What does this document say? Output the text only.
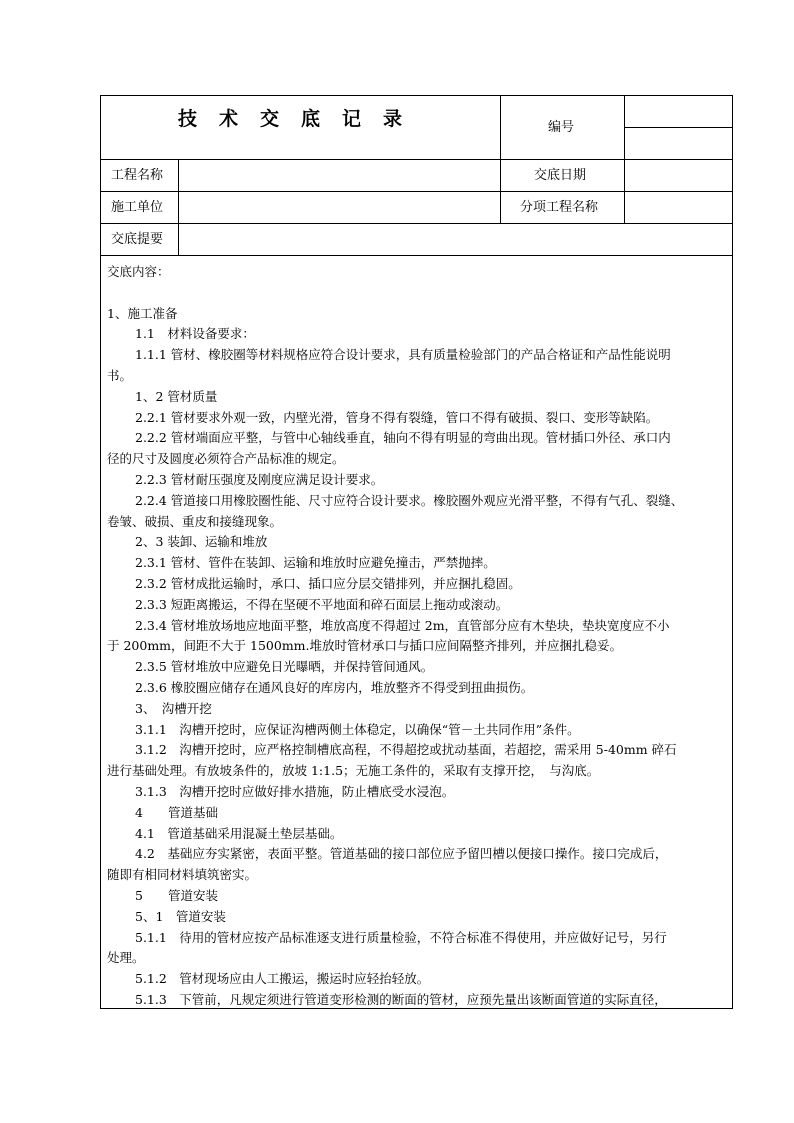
技术交底记录	编号
工程名称	交底日期
施工单位	分项工程名称
交底提要

交底内容：

1、施工准备

1.1　材料设备要求：

1.1.1 管材、橡胶圈等材料规格应符合设计要求，具有质量检验部门的产品合格证和产品性能说明

书。

1、2 管材质量

2.2.1 管材要求外观一致，内壁光滑，管身不得有裂缝，管口不得有破损、裂口、变形等缺陷。

2.2.2 管材端面应平整，与管中心轴线垂直，轴向不得有明显的弯曲出现。管材插口外径、承口内

径的尺寸及圆度必须符合产品标准的规定。

2.2.3 管材耐压强度及刚度应满足设计要求。

2.2.4 管道接口用橡胶圈性能、尺寸应符合设计要求。橡胶圈外观应光滑平整，不得有气孔、裂缝、

卷皱、破损、重皮和接缝现象。

2、3 装卸、运输和堆放

2.3.1 管材、管件在装卸、运输和堆放时应避免撞击，严禁抛摔。

2.3.2 管材成批运输时，承口、插口应分层交错排列，并应捆扎稳固。

2.3.3 短距离搬运，不得在坚硬不平地面和碎石面层上拖动或滚动。

2.3.4 管材堆放场地应地面平整，堆放高度不得超过 2m，直管部分应有木垫块，垫块宽度应不小

于 200mm，间距不大于 1500mm.堆放时管材承口与插口应间隔整齐排列，并应捆扎稳妥。

2.3.5 管材堆放中应避免日光曝晒，并保持管间通风。

2.3.6 橡胶圈应储存在通风良好的库房内，堆放整齐不得受到扭曲损伤。

3、　沟槽开挖

3.1.1　沟槽开挖时，应保证沟槽两侧土体稳定，以确保“管－土共同作用”条件。

3.1.2　沟槽开挖时，应严格控制槽底高程，不得超挖或扰动基面，若超挖，需采用 5-40mm 碎石

进行基础处理。有放坡条件的，放坡 1:1.5；无施工条件的，采取有支撑开挖，　与沟底。

3.1.3　沟槽开挖时应做好排水措施，防止槽底受水浸泡。

4　　管道基础

4.1　管道基础采用混凝土垫层基础。

4.2　基础应夯实紧密，表面平整。管道基础的接口部位应予留凹槽以便接口操作。接口完成后，

随即有相同材料填筑密实。

5　　管道安装

5、1　管道安装

5.1.1　待用的管材应按产品标准逐支进行质量检验，不符合标准不得使用，并应做好记号，另行

处理。

5.1.2　管材现场应由人工搬运，搬运时应轻抬轻放。

5.1.3　下管前，凡规定须进行管道变形检测的断面的管材，应预先量出该断面管道的实际直径，
